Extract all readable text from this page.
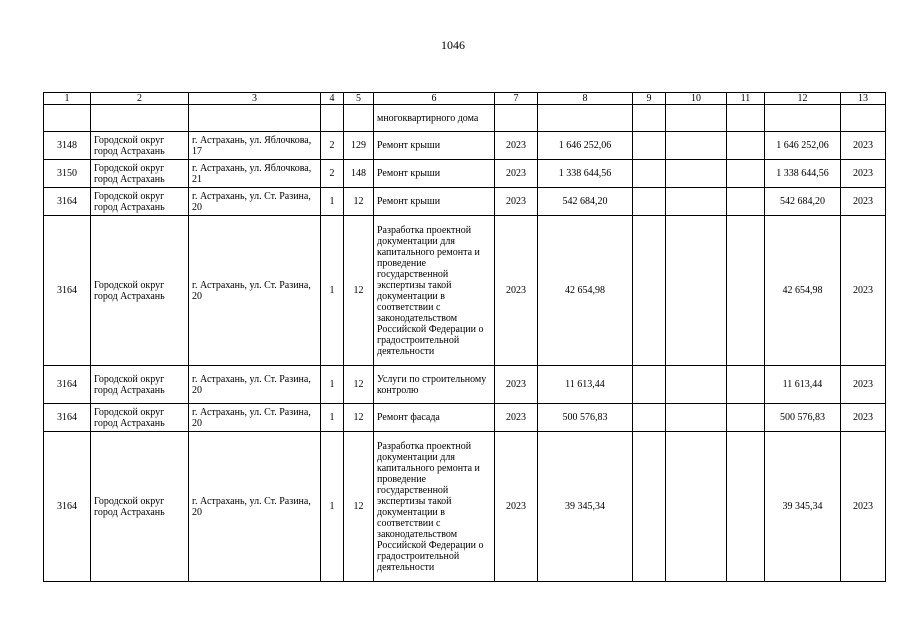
1046
1	2	3	4	5	6	7	8	9	10	11	12	13
					многоквартирного дома							
3148	Городской округ город Астрахань	г. Астрахань, ул. Яблочкова, 17	2	129	Ремонт крыши	2023	1 646 252,06				1 646 252,06	2023
3150	Городской округ город Астрахань	г. Астрахань, ул. Яблочкова, 21	2	148	Ремонт крыши	2023	1 338 644,56				1 338 644,56	2023
3164	Городской округ город Астрахань	г. Астрахань, ул. Ст. Разина, 20	1	12	Ремонт крыши	2023	542 684,20				542 684,20	2023
3164	Городской округ город Астрахань	г. Астрахань, ул. Ст. Разина, 20	1	12	Разработка проектной документации для капитального ремонта и проведение государственной экспертизы такой документации в соответствии с законодательством Российской Федерации о градостроительной деятельности	2023	42 654,98				42 654,98	2023
3164	Городской округ город Астрахань	г. Астрахань, ул. Ст. Разина, 20	1	12	Услуги по строительному контролю	2023	11 613,44				11 613,44	2023
3164	Городской округ город Астрахань	г. Астрахань, ул. Ст. Разина, 20	1	12	Ремонт фасада	2023	500 576,83				500 576,83	2023
3164	Городской округ город Астрахань	г. Астрахань, ул. Ст. Разина, 20	1	12	Разработка проектной документации для капитального ремонта и проведение государственной экспертизы такой документации в соответствии с законодательством Российской Федерации о градостроительной деятельности	2023	39 345,34				39 345,34	2023
